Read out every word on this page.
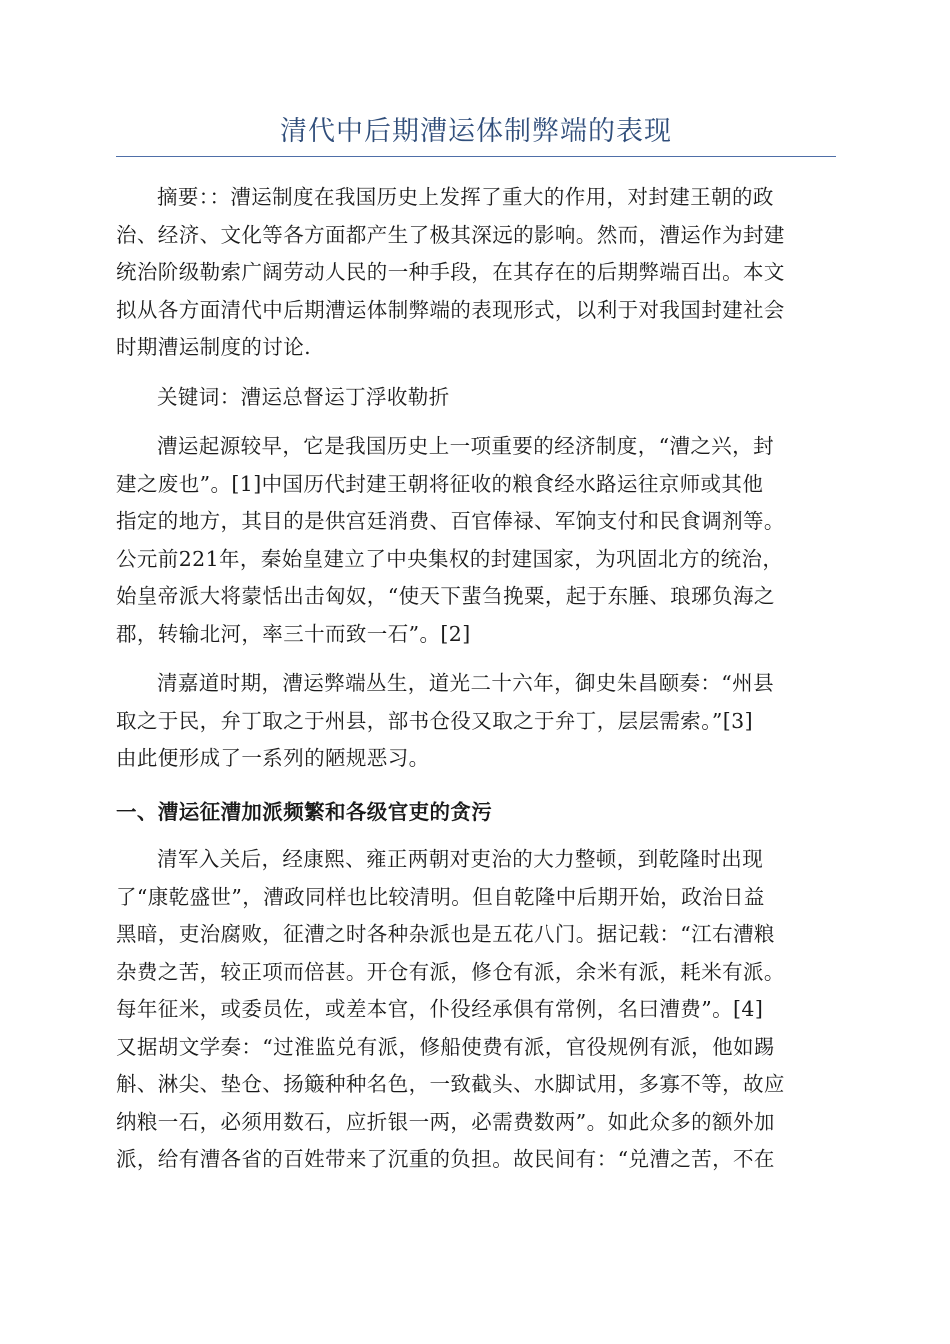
清代中后期漕运体制弊端的表现

摘要：：漕运制度在我国历史上发挥了重大的作用，对封建王朝的政
治、经济、文化等各方面都产生了极其深远的影响。然而，漕运作为封建
统治阶级勒索广阔劳动人民的一种手段，在其存在的后期弊端百出。本文
拟从各方面清代中后期漕运体制弊端的表现形式，以利于对我国封建社会
时期漕运制度的讨论.

关键词：漕运总督运丁浮收勒折

漕运起源较早，它是我国历史上一项重要的经济制度，“漕之兴，封
建之废也”。[1]中国历代封建王朝将征收的粮食经水路运往京师或其他
指定的地方，其目的是供宫廷消费、百官俸禄、军饷支付和民食调剂等。
公元前221年，秦始皇建立了中央集权的封建国家，为巩固北方的统治，
始皇帝派大将蒙恬出击匈奴，“使天下蜚刍挽粟，起于东腄、琅琊负海之
郡，转输北河，率三十而致一石”。[2]

清嘉道时期，漕运弊端丛生，道光二十六年，御史朱昌颐奏：“州县
取之于民，弁丁取之于州县，部书仓役又取之于弁丁，层层需索。”[3]
由此便形成了一系列的陋规恶习。

一、漕运征漕加派频繁和各级官吏的贪污

清军入关后，经康熙、雍正两朝对吏治的大力整顿，到乾隆时出现
了“康乾盛世”，漕政同样也比较清明。但自乾隆中后期开始，政治日益
黑暗，吏治腐败，征漕之时各种杂派也是五花八门。据记载：“江右漕粮
杂费之苦，较正项而倍甚。开仓有派，修仓有派，余米有派，耗米有派。
每年征米，或委员佐，或差本官，仆役经承俱有常例，名曰漕费”。[4]
又据胡文学奏：“过淮监兑有派，修船使费有派，官役规例有派，他如踢
斛、淋尖、垫仓、扬簸种种名色，一致截头、水脚试用，多寡不等，故应
纳粮一石，必须用数石，应折银一两，必需费数两”。如此众多的额外加
派，给有漕各省的百姓带来了沉重的负担。故民间有：“兑漕之苦，不在
